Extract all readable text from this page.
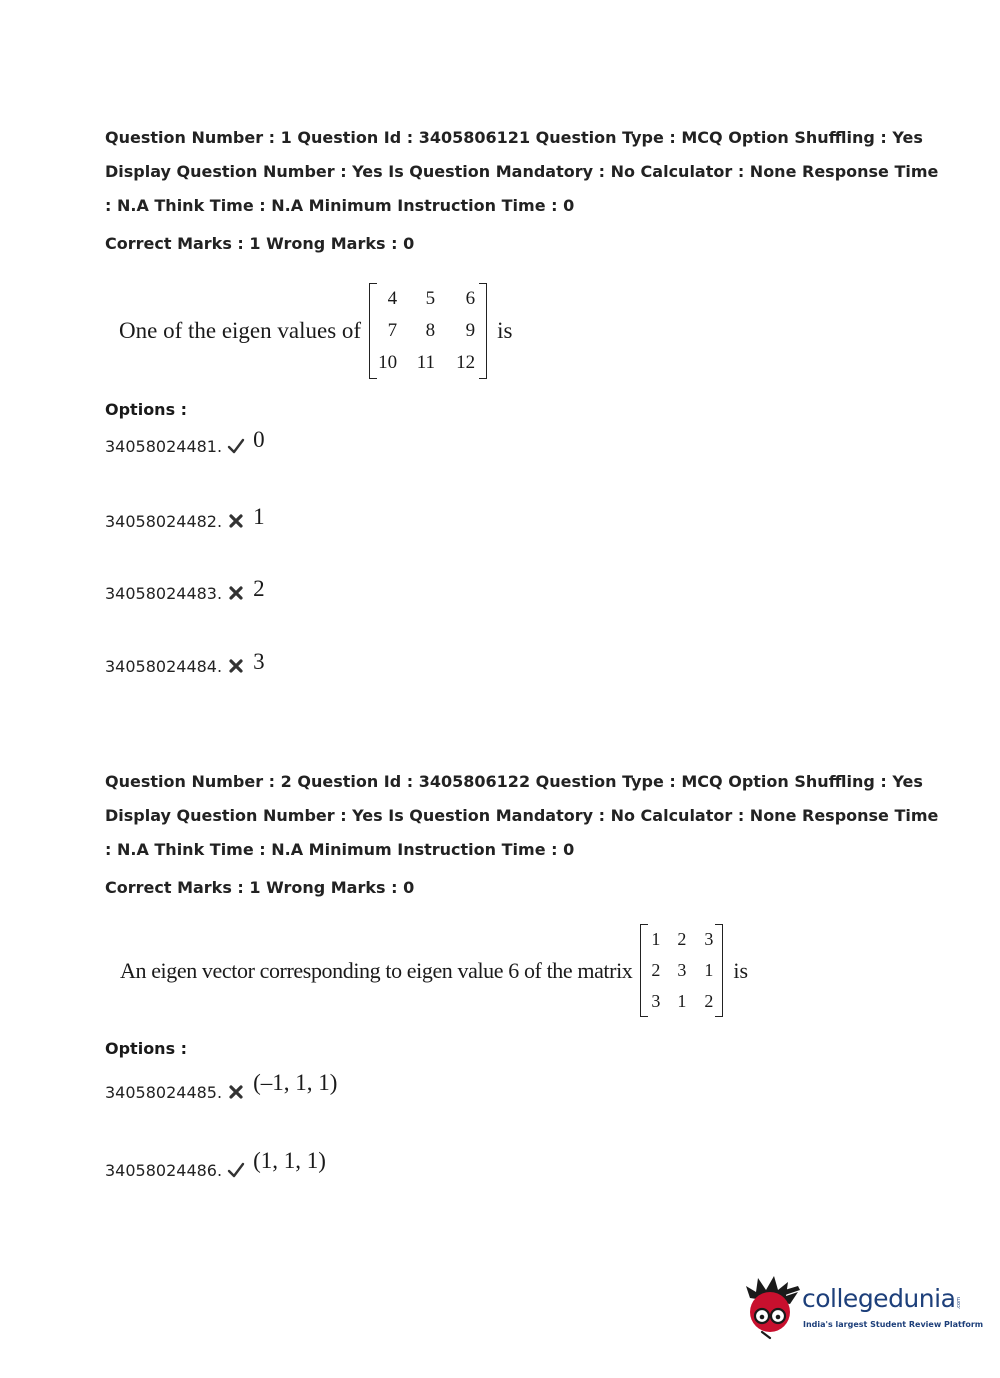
Question Number : 1 Question Id : 3405806121 Question Type : MCQ Option Shuffling : Yes

Display Question Number : Yes Is Question Mandatory : No Calculator : None Response Time

: N.A Think Time : N.A Minimum Instruction Time : 0

Correct Marks : 1 Wrong Marks : 0

One of the eigen values of
4	5	6
7	8	9
10	11	12
is
Options :
34058024481. 0
34058024482. 1
34058024483. 2
34058024484. 3

Question Number : 2 Question Id : 3405806122 Question Type : MCQ Option Shuffling : Yes

Display Question Number : Yes Is Question Mandatory : No Calculator : None Response Time

: N.A Think Time : N.A Minimum Instruction Time : 0

Correct Marks : 1 Wrong Marks : 0

An eigen vector corresponding to eigen value 6 of the matrix
1	2	3
2	3	1
3	1	2
is
Options :
34058024485. (–1, 1, 1)
34058024486. (1, 1, 1)
collegedunia .com
India's largest Student Review Platform
